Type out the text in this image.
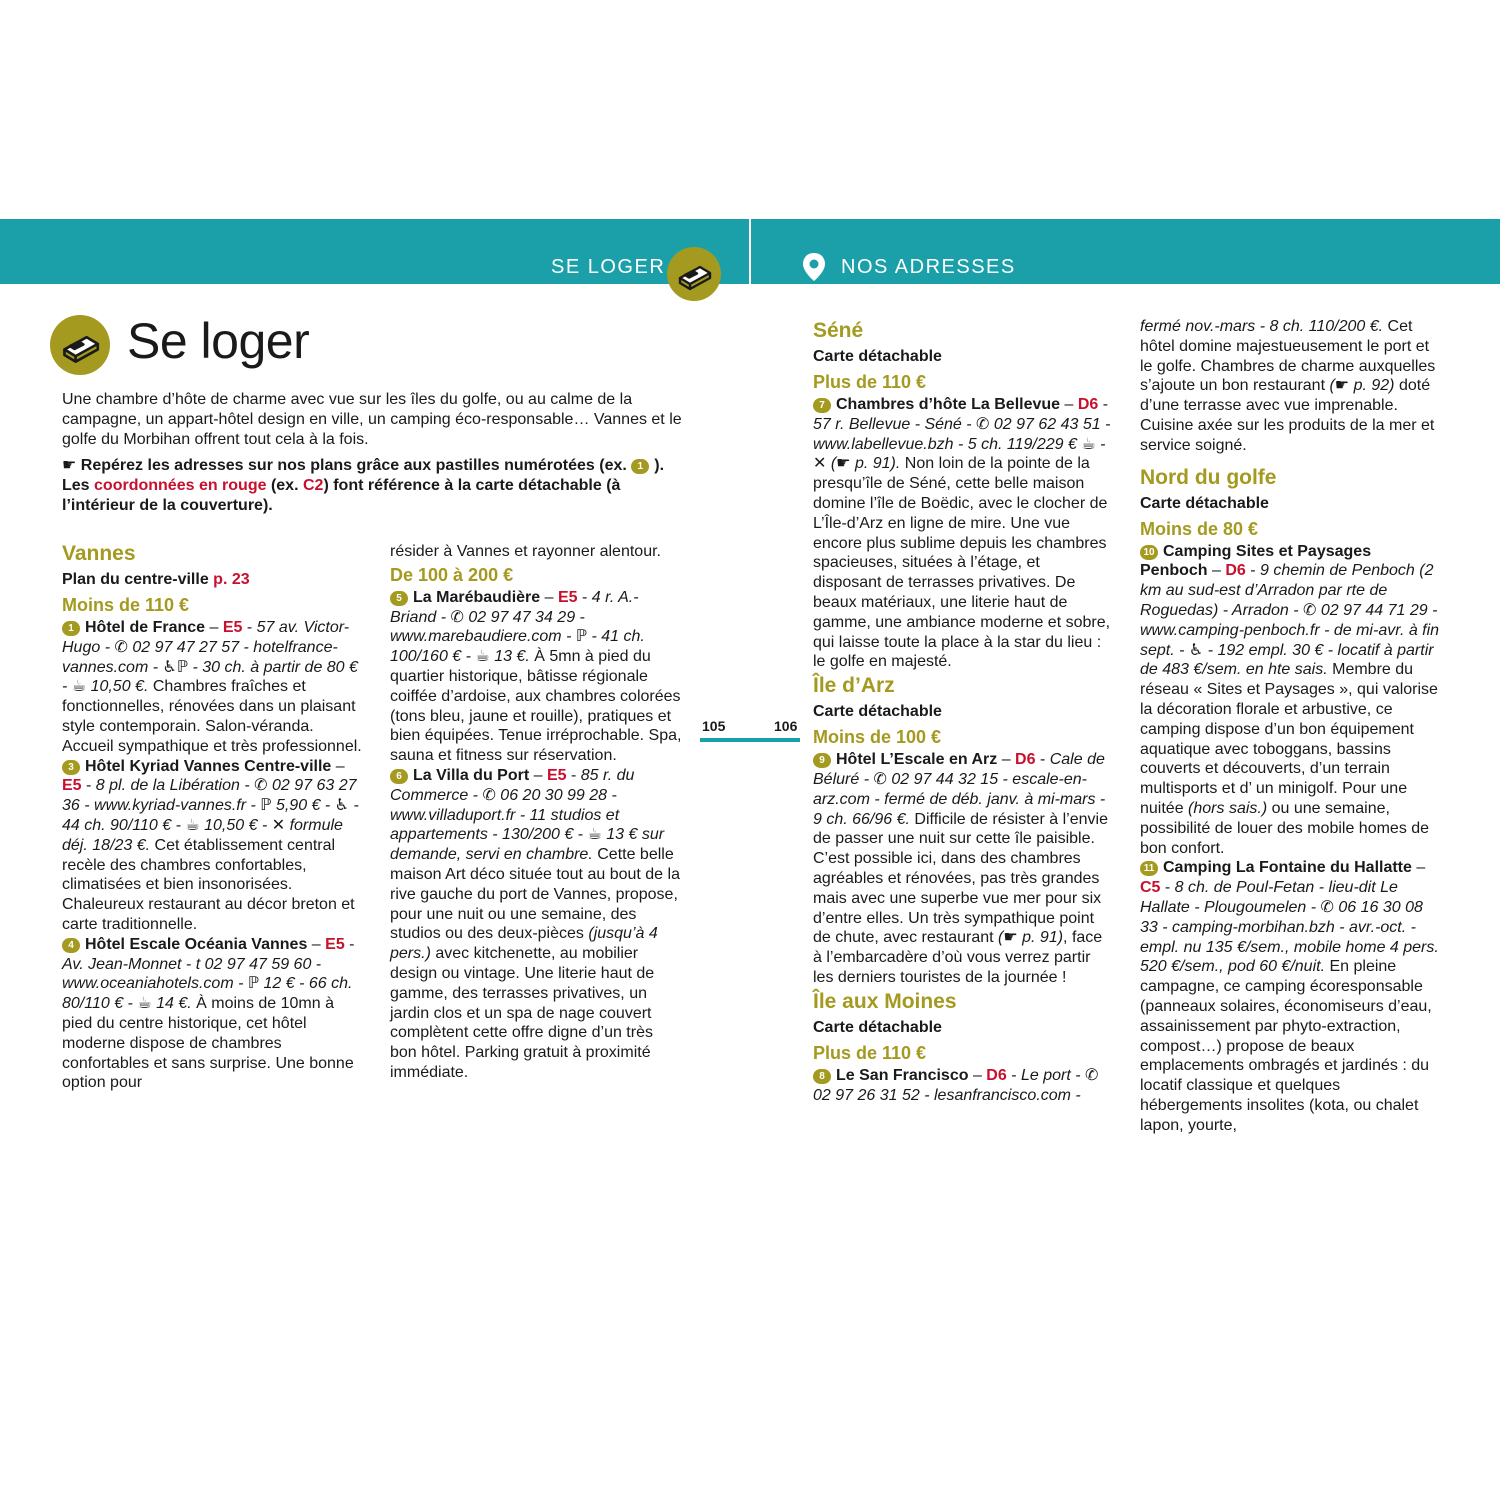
SE LOGER	NOS ADRESSES
Se loger

Une chambre d’hôte de charme avec vue sur les îles du golfe, ou au calme de la campagne, un appart-hôtel design en ville, un camping éco-responsable… Vannes et le golfe du Morbihan offrent tout cela à la fois.

☛ Repérez les adresses sur nos plans grâce aux pastilles numérotées (ex. 1 ).
Les coordonnées en rouge (ex. C2) font référence à la carte détachable (à l’intérieur de la couverture).

Vannes

Plan du centre-ville p. 23

Moins de 110 €

1 Hôtel de France – E5 - 57 av. Victor-Hugo - ✆ 02 97 47 27 57 - hotelfrance-vannes.com - ♿ℙ - 30 ch. à partir de 80 € - ☕ 10,50 €. Chambres fraîches et fonctionnelles, rénovées dans un plaisant style contemporain. Salon-véranda. Accueil sympathique et très professionnel.

3 Hôtel Kyriad Vannes Centre-ville – E5 - 8 pl. de la Libération - ✆ 02 97 63 27 36 - www.kyriad-vannes.fr - ℙ 5,90 € - ♿ - 44 ch. 90/110 € - ☕ 10,50 € - ✕ formule déj. 18/23 €. Cet établissement central recèle des chambres confortables, climatisées et bien insonorisées. Chaleureux restaurant au décor breton et carte traditionnelle.

4 Hôtel Escale Océania Vannes – E5 - Av. Jean-Monnet - t 02 97 47 59 60 - www.oceaniahotels.com - ℙ 12 € - 66 ch. 80/110 € - ☕ 14 €. À moins de 10mn à pied du centre historique, cet hôtel moderne dispose de chambres confortables et sans surprise. Une bonne option pour

résider à Vannes et rayonner alentour.

De 100 à 200 €

5 La Marébaudière – E5 - 4 r. A.-Briand - ✆ 02 97 47 34 29 - www.marebaudiere.com - ℙ - 41 ch. 100/160 € - ☕ 13 €. À 5mn à pied du quartier historique, bâtisse régionale coiffée d’ardoise, aux chambres colorées (tons bleu, jaune et rouille), pratiques et bien équipées. Tenue irréprochable. Spa, sauna et fitness sur réservation.

6 La Villa du Port – E5 - 85 r. du Commerce - ✆ 06 20 30 99 28 - www.villaduport.fr - 11 studios et appartements - 130/200 € - ☕ 13 € sur demande, servi en chambre. Cette belle maison Art déco située tout au bout de la rive gauche du port de Vannes, propose, pour une nuit ou une semaine, des studios ou des deux-pièces (jusqu’à 4 pers.) avec kitchenette, au mobilier design ou vintage. Une literie haut de gamme, des terrasses privatives, un jardin clos et un spa de nage couvert complètent cette offre digne d’un très bon hôtel. Parking gratuit à proximité immédiate.

105	106

Séné

Carte détachable

Plus de 110 €

7 Chambres d’hôte La Bellevue – D6 - 57 r. Bellevue - Séné - ✆ 02 97 62 43 51 - www.labellevue.bzh - 5 ch. 119/229 € ☕ - ✕ (☛ p. 91). Non loin de la pointe de la presqu’île de Séné, cette belle maison domine l’île de Boëdic, avec le clocher de L’Île-d’Arz en ligne de mire. Une vue encore plus sublime depuis les chambres spacieuses, situées à l’étage, et disposant de terrasses privatives. De beaux matériaux, une literie haut de gamme, une ambiance moderne et sobre, qui laisse toute la place à la star du lieu : le golfe en majesté.

Île d’Arz

Carte détachable

Moins de 100 €

9 Hôtel L’Escale en Arz – D6 - Cale de Béluré - ✆ 02 97 44 32 15 - escale-en-arz.com - fermé de déb. janv. à mi-mars - 9 ch. 66/96 €. Difficile de résister à l’envie de passer une nuit sur cette île paisible. C’est possible ici, dans des chambres agréables et rénovées, pas très grandes mais avec une superbe vue mer pour six d’entre elles. Un très sympathique point de chute, avec restaurant (☛ p. 91), face à l’embarcadère d’où vous verrez partir les derniers touristes de la journée !

Île aux Moines

Carte détachable

Plus de 110 €

8 Le San Francisco – D6 - Le port - ✆ 02 97 26 31 52 - lesanfrancisco.com -

fermé nov.-mars - 8 ch. 110/200 €. Cet hôtel domine majestueusement le port et le golfe. Chambres de charme auxquelles s’ajoute un bon restaurant (☛ p. 92) doté d’une terrasse avec vue imprenable. Cuisine axée sur les produits de la mer et service soigné.

Nord du golfe

Carte détachable

Moins de 80 €

10 Camping Sites et Paysages Penboch – D6 - 9 chemin de Penboch (2 km au sud-est d’Arradon par rte de Roguedas) - Arradon - ✆ 02 97 44 71 29 - www.camping-penboch.fr - de mi-avr. à fin sept. - ♿ - 192 empl. 30 € - locatif à partir de 483 €/sem. en hte sais. Membre du réseau « Sites et Paysages », qui valorise la décoration florale et arbustive, ce camping dispose d’un bon équipement aquatique avec toboggans, bassins couverts et découverts, d’un terrain multisports et d’ un minigolf. Pour une nuitée (hors sais.) ou une semaine, possibilité de louer des mobile homes de bon confort.

11 Camping La Fontaine du Hallatte – C5 - 8 ch. de Poul-Fetan - lieu-dit Le Hallate - Plougoumelen - ✆ 06 16 30 08 33 - camping-morbihan.bzh - avr.-oct. - empl. nu 135 €/sem., mobile home 4 pers. 520 €/sem., pod 60 €/nuit. En pleine campagne, ce camping écoresponsable (panneaux solaires, économiseurs d’eau, assainissement par phyto-extraction, compost…) propose de beaux emplacements ombragés et jardinés : du locatif classique et quelques hébergements insolites (kota, ou chalet lapon, yourte,
